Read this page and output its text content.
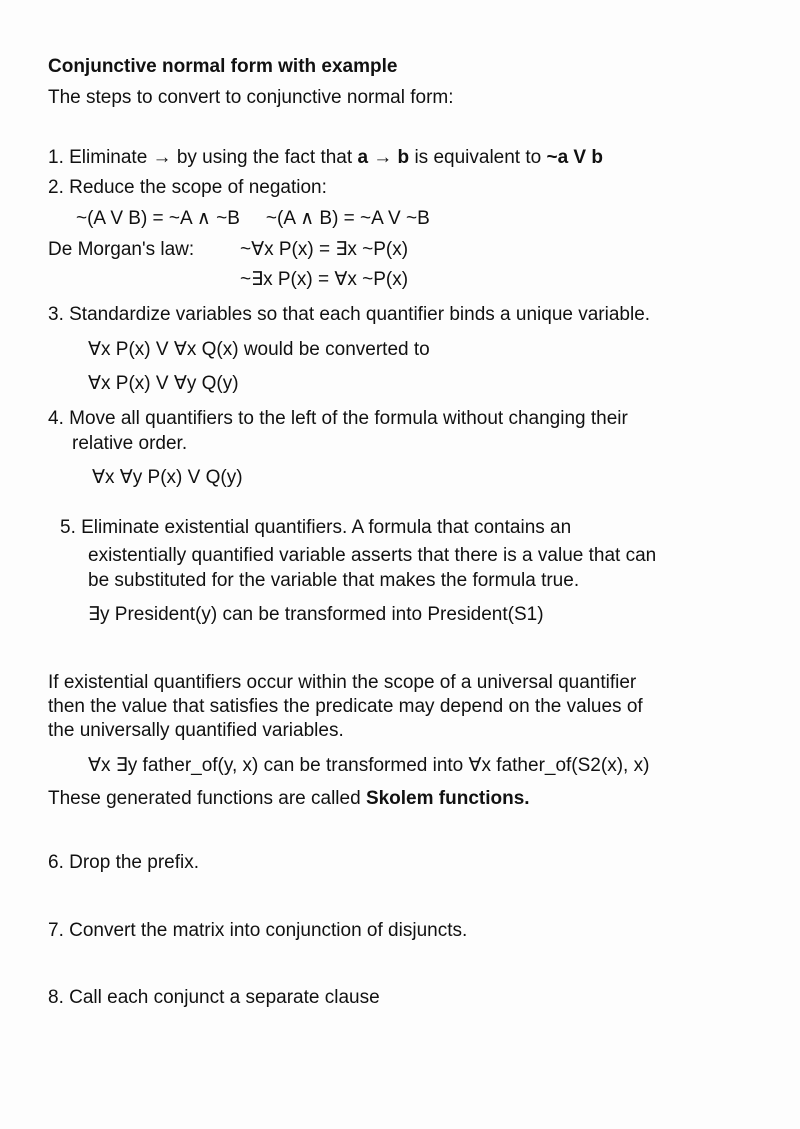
Conjunctive normal form with example
The steps to convert to conjunctive normal form:
1. Eliminate → by using the fact that a → b is equivalent to ~a V b
2. Reduce the scope of negation:
~(A V B) = ~A ∧ ~B ~(A ∧ B) = ~A V ~B
De Morgan's law: ~∀x P(x) = ∃x ~P(x)
~∃x P(x) = ∀x ~P(x)
3. Standardize variables so that each quantifier binds a unique variable.
∀x P(x) V ∀x Q(x) would be converted to
∀x P(x) V ∀y Q(y)
4. Move all quantifiers to the left of the formula without changing their
relative order.
∀x ∀y P(x) V Q(y)
5. Eliminate existential quantifiers. A formula that contains an
existentially quantified variable asserts that there is a value that can
be substituted for the variable that makes the formula true.
∃y President(y) can be transformed into President(S1)
If existential quantifiers occur within the scope of a universal quantifier
then the value that satisfies the predicate may depend on the values of
the universally quantified variables.
∀x ∃y father_of(y, x) can be transformed into ∀x father_of(S2(x), x)
These generated functions are called Skolem functions.
6. Drop the prefix.
7. Convert the matrix into conjunction of disjuncts.
8. Call each conjunct a separate clause
